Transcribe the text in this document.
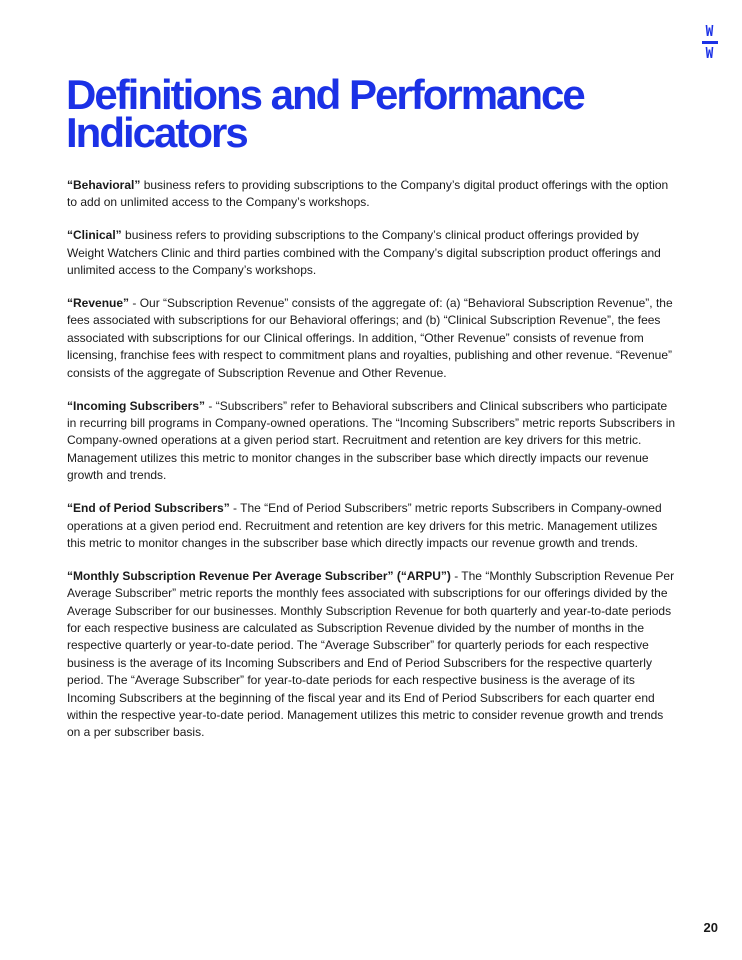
W
W
Definitions and Performance Indicators

“Behavioral” business refers to providing subscriptions to the Company’s digital product offerings with the option to add on unlimited access to the Company’s workshops.

“Clinical” business refers to providing subscriptions to the Company’s clinical product offerings provided by Weight Watchers Clinic and third parties combined with the Company’s digital subscription product offerings and unlimited access to the Company’s workshops.

“Revenue” - Our “Subscription Revenue” consists of the aggregate of: (a) “Behavioral Subscription Revenue”, the fees associated with subscriptions for our Behavioral offerings; and (b) “Clinical Subscription Revenue”, the fees associated with subscriptions for our Clinical offerings. In addition, “Other Revenue” consists of revenue from licensing, franchise fees with respect to commitment plans and royalties, publishing and other revenue. “Revenue” consists of the aggregate of Subscription Revenue and Other Revenue.

“Incoming Subscribers” - “Subscribers” refer to Behavioral subscribers and Clinical subscribers who participate in recurring bill programs in Company-owned operations. The “Incoming Subscribers” metric reports Subscribers in Company-owned operations at a given period start. Recruitment and retention are key drivers for this metric. Management utilizes this metric to monitor changes in the subscriber base which directly impacts our revenue growth and trends.

“End of Period Subscribers” - The “End of Period Subscribers” metric reports Subscribers in Company-owned operations at a given period end. Recruitment and retention are key drivers for this metric. Management utilizes this metric to monitor changes in the subscriber base which directly impacts our revenue growth and trends.

“Monthly Subscription Revenue Per Average Subscriber” (“ARPU”) - The “Monthly Subscription Revenue Per Average Subscriber” metric reports the monthly fees associated with subscriptions for our offerings divided by the Average Subscriber for our businesses. Monthly Subscription Revenue for both quarterly and year-to-date periods for each respective business are calculated as Subscription Revenue divided by the number of months in the respective quarterly or year-to-date period. The “Average Subscriber” for quarterly periods for each respective business is the average of its Incoming Subscribers and End of Period Subscribers for the respective quarterly period. The “Average Subscriber” for year-to-date periods for each respective business is the average of its Incoming Subscribers at the beginning of the fiscal year and its End of Period Subscribers for each quarter end within the respective year-to-date period. Management utilizes this metric to consider revenue growth and trends on a per subscriber basis.

20
